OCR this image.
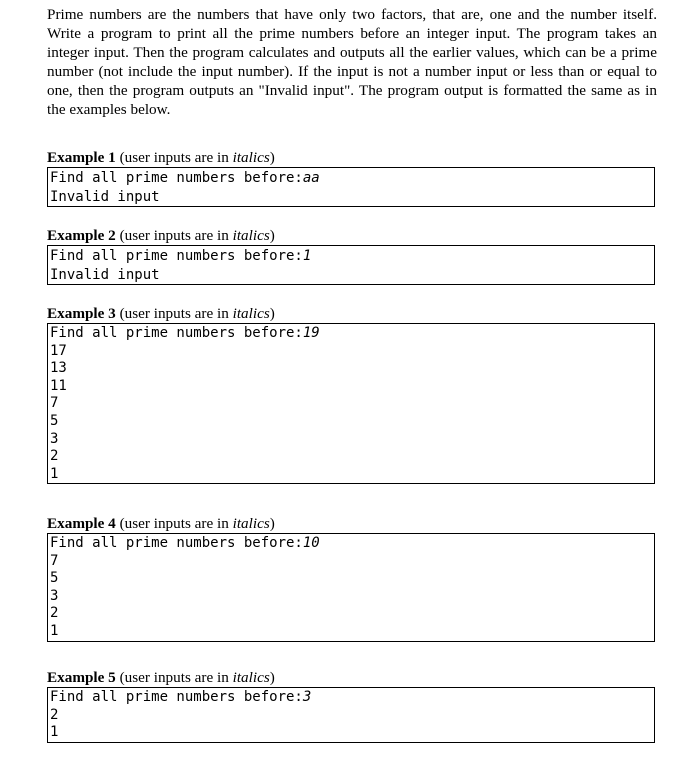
Prime numbers are the numbers that have only two factors, that are, one and the number itself. Write a program to print all the prime numbers before an integer input. The program takes an integer input. Then the program calculates and outputs all the earlier values, which can be a prime number (not include the input number). If the input is not a number input or less than or equal to one, then the program outputs an "Invalid input". The program output is formatted the same as in the examples below.

Example 1 (user inputs are in italics)
Find all prime numbers before:aa
Invalid input
Example 2 (user inputs are in italics)
Find all prime numbers before:1
Invalid input
Example 3 (user inputs are in italics)
Find all prime numbers before:19
17
13
11
7
5
3
2
1
Example 4 (user inputs are in italics)
Find all prime numbers before:10
7
5
3
2
1
Example 5 (user inputs are in italics)
Find all prime numbers before:3
2
1
